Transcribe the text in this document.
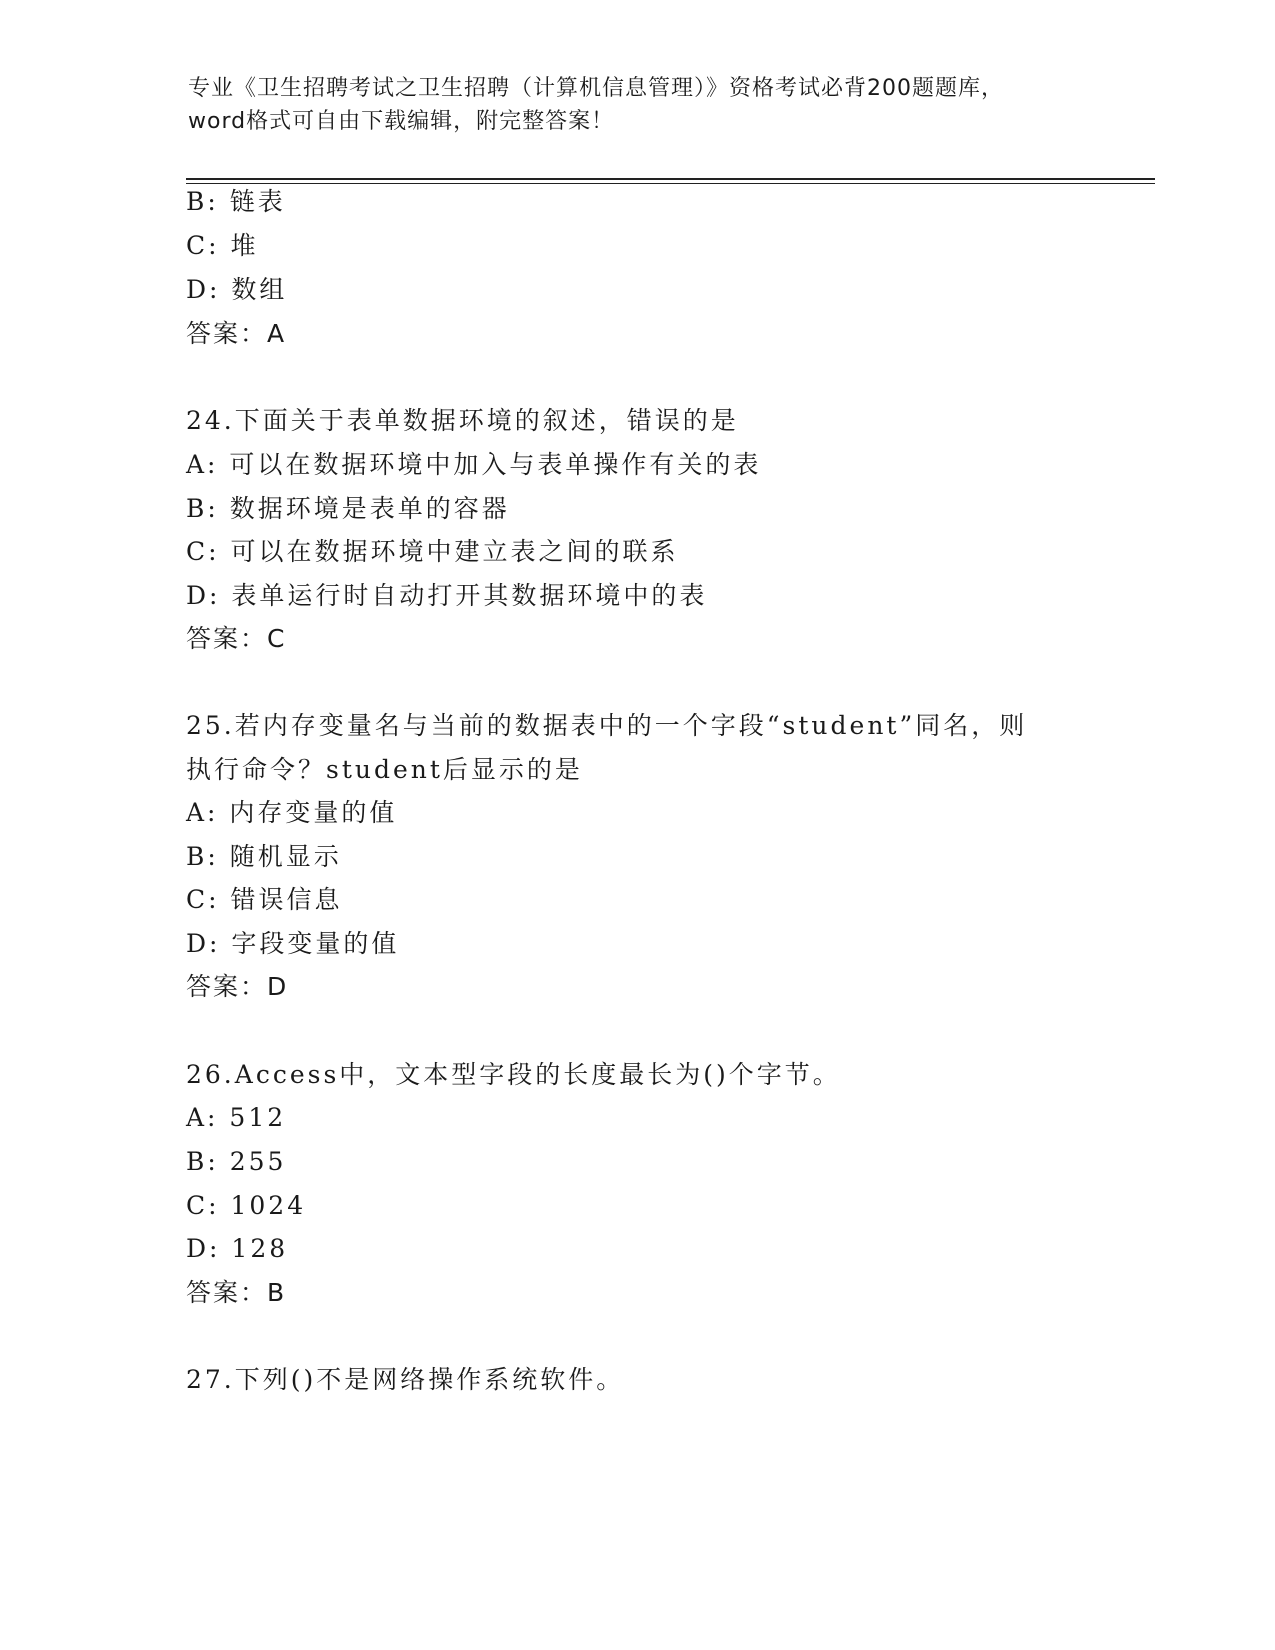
专业《卫生招聘考试之卫生招聘（计算机信息管理）》资格考试必背200题题库，
word格式可自由下载编辑，附完整答案！
B: 链表
C: 堆
D: 数组
答案：A
24.下面关于表单数据环境的叙述，错误的是
A: 可以在数据环境中加入与表单操作有关的表
B: 数据环境是表单的容器
C: 可以在数据环境中建立表之间的联系
D: 表单运行时自动打开其数据环境中的表
答案：C
25.若内存变量名与当前的数据表中的一个字段“student”同名，则
执行命令？student后显示的是
A: 内存变量的值
B: 随机显示
C: 错误信息
D: 字段变量的值
答案：D
26.Access中，文本型字段的长度最长为()个字节。
A: 512
B: 255
C: 1024
D: 128
答案：B
27.下列()不是网络操作系统软件。
